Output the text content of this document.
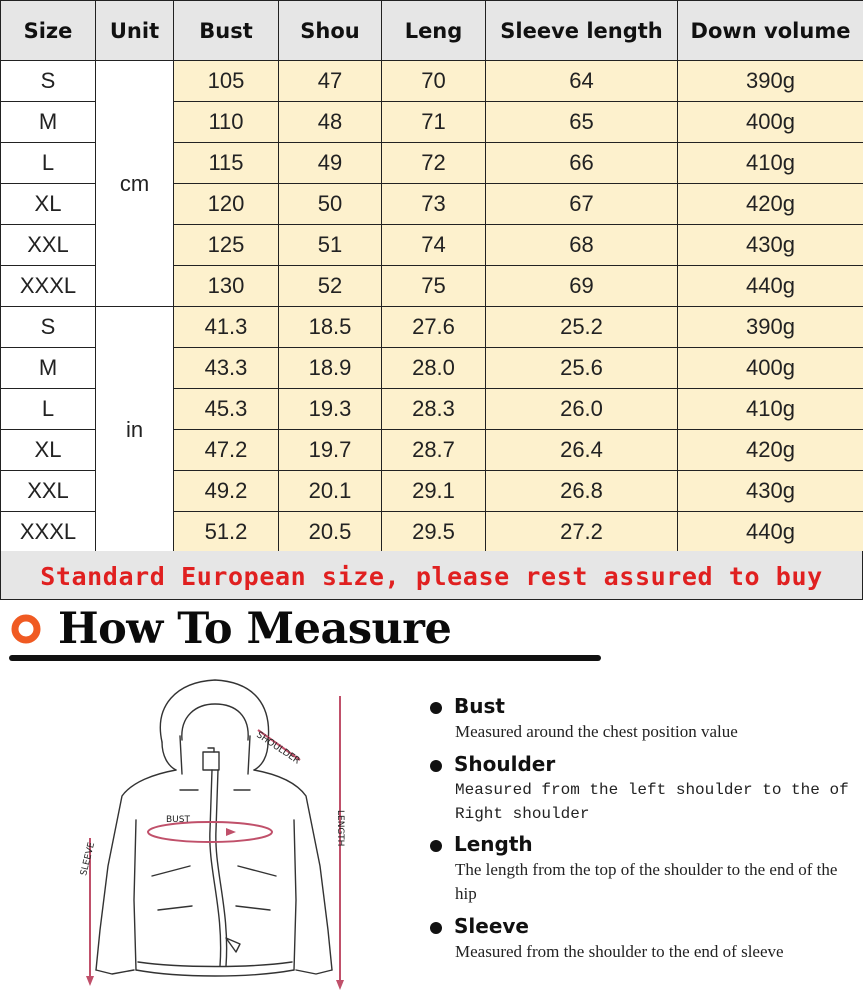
Size	Unit	Bust	Shou	Leng	Sleeve length	Down volume
S	cm	105	47	70	64	390g
M		110	48	71	65	400g
L		115	49	72	66	410g
XL		120	50	73	67	420g
XXL		125	51	74	68	430g
XXXL		130	52	75	69	440g
S	in	41.3	18.5	27.6	25.2	390g
M		43.3	18.9	28.0	25.6	400g
L		45.3	19.3	28.3	26.0	410g
XL		47.2	19.7	28.7	26.4	420g
XXL		49.2	20.1	29.1	26.8	430g
XXXL		51.2	20.5	29.5	27.2	440g
Standard European size, please rest assured to buy
How To Measure
SHOULDER
BUST	LENGTH
SLEEVE
Bust
Measured around the chest position value
Shoulder
Measured from the left shoulder to the of Right shoulder
Length
The length from the top of the shoulder to the end of the hip
Sleeve
Measured from the shoulder to the end of sleeve
